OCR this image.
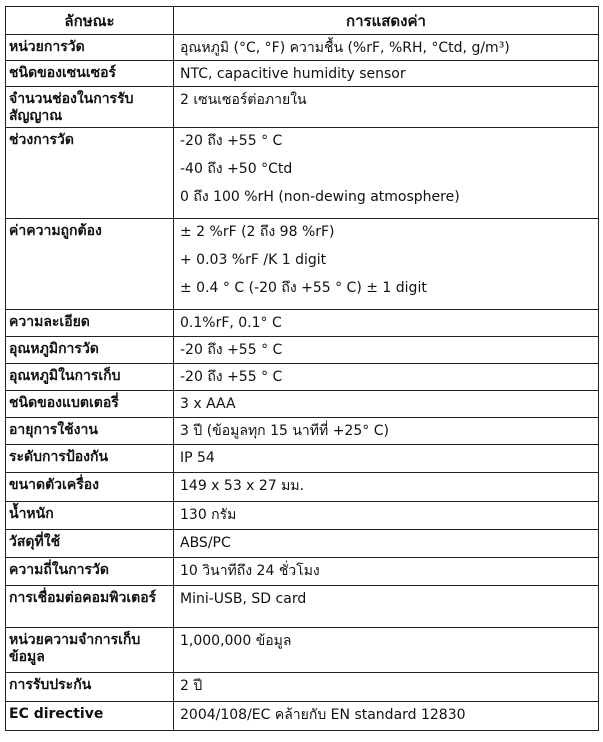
ลักษณะ	การแสดงค่า
หน่วยการวัด	อุณหภูมิ (°C, °F) ความชื้น (%rF, %RH, °Ctd, g/m³)

ชนิดของเซนเซอร์	NTC, capacitive humidity sensor

จำนวนช่องในการรับสัญญาณ	2 เซนเซอร์ต่อภายใน

ช่วงการวัด	-20 ถึง +55 ° C
-40 ถึง +50 °Ctd
0 ถึง 100 %rH (non-dewing atmosphere)

ค่าความถูกต้อง	± 2 %rF (2 ถึง 98 %rF)
+ 0.03 %rF /K 1 digit
± 0.4 ° C (-20 ถึง +55 ° C) ± 1 digit

ความละเอียด	0.1%rF, 0.1° C

อุณหภูมิการวัด	-20 ถึง +55 ° C

อุณหภูมิในการเก็บ	-20 ถึง +55 ° C

ชนิดของแบตเตอรี่	3 x AAA

อายุการใช้งาน	3 ปี (ข้อมูลทุก 15 นาทีที่ +25° C)

ระดับการป้องกัน	IP 54

ขนาดตัวเครื่อง	149 x 53 x 27 มม.

น้ำหนัก	130 กรัม

วัสดุที่ใช้	ABS/PC

ความถี่ในการวัด	10 วินาทีถึง 24 ชั่วโมง

การเชื่อมต่อคอมพิวเตอร์	Mini-USB, SD card

หน่วยความจำการเก็บข้อมูล	1,000,000 ข้อมูล

การรับประกัน	2 ปี

EC directive	2004/108/EC คล้ายกับ EN standard 12830
